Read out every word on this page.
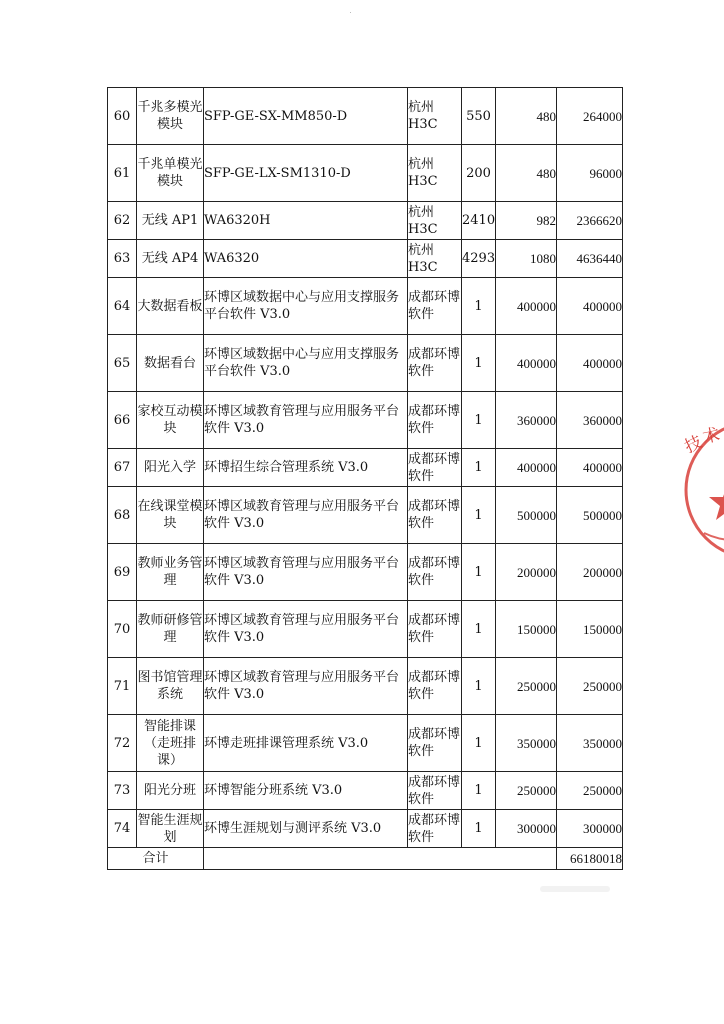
60	千兆多模光模块	SFP-GE-SX-MM850-D	杭州H3C	550	480	264000
61	千兆单模光模块	SFP-GE-LX-SM1310-D	杭州H3C	200	480	96000
62	无线 AP1	WA6320H	杭州H3C	2410	982	2366620
63	无线 AP4	WA6320	杭州H3C	4293	1080	4636440
64	大数据看板	环博区域数据中心与应用支撑服务平台软件 V3.0	成都环博软件	1	400000	400000
65	数据看台	环博区域数据中心与应用支撑服务平台软件 V3.0	成都环博软件	1	400000	400000
66	家校互动模块	环博区域教育管理与应用服务平台软件 V3.0	成都环博软件	1	360000	360000
67	阳光入学	环博招生综合管理系统 V3.0	成都环博软件	1	400000	400000
68	在线课堂模块	环博区域教育管理与应用服务平台软件 V3.0	成都环博软件	1	500000	500000
69	教师业务管理	环博区域教育管理与应用服务平台软件 V3.0	成都环博软件	1	200000	200000
70	教师研修管理	环博区域教育管理与应用服务平台软件 V3.0	成都环博软件	1	150000	150000
71	图书馆管理系统	环博区域教育管理与应用服务平台软件 V3.0	成都环博软件	1	250000	250000
72	智能排课（走班排课）	环博走班排课管理系统 V3.0	成都环博软件	1	350000	350000
73	阳光分班	环博智能分班系统 V3.0	成都环博软件	1	250000	250000
74	智能生涯规划	环博生涯规划与测评系统 V3.0	成都环博软件	1	300000	300000
合计						66180018
技
术
